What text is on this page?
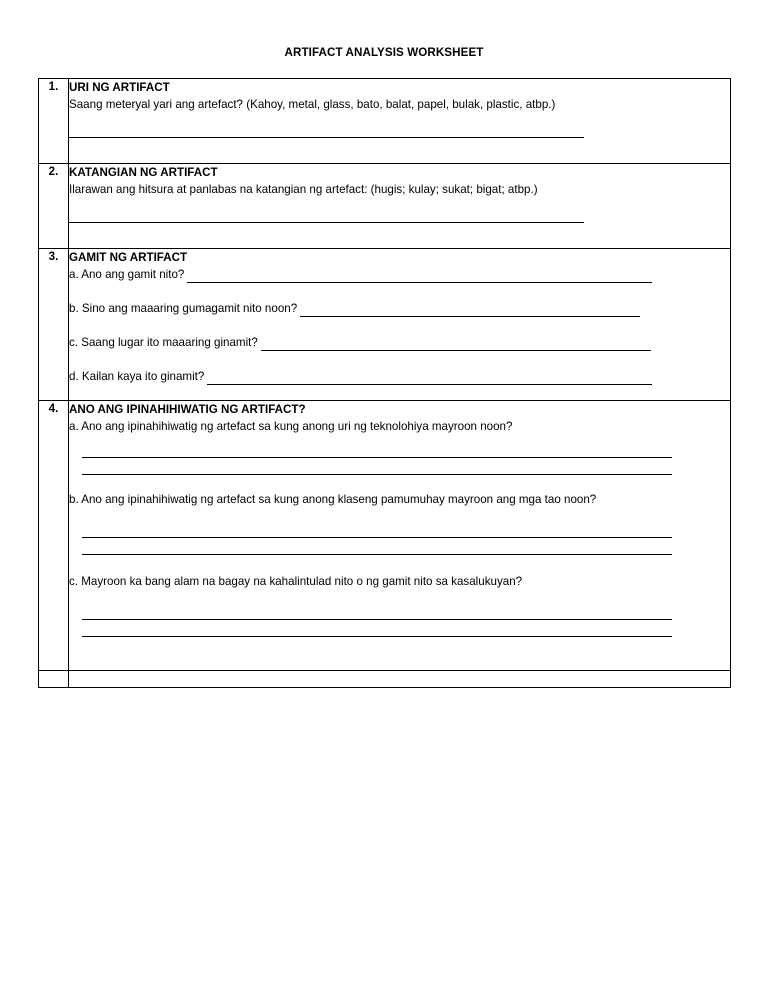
ARTIFACT ANALYSIS WORKSHEET
1.	URI NG ARTIFACT
Saang meteryal yari ang artefact? (Kahoy, metal, glass, bato, balat, papel, bulak, plastic, atbp.)

2.	KATANGIAN NG ARTIFACT
Ilarawan ang hitsura at panlabas na katangian ng artefact: (hugis; kulay; sukat; bigat; atbp.)

3.	GAMIT NG ARTIFACT
a. Ano ang gamit nito?
b. Sino ang maaaring gumagamit nito noon?
c. Saang lugar ito maaaring ginamit?
d. Kailan kaya ito ginamit?

4.	ANO ANG IPINAHIHIWATIG NG ARTIFACT?
a. Ano ang ipinahihiwatig ng artefact sa kung anong uri ng teknolohiya mayroon noon?
b. Ano ang ipinahihiwatig ng artefact sa kung anong klaseng pamumuhay mayroon ang mga tao noon?
c. Mayroon ka bang alam na bagay na kahalintulad nito o ng gamit nito sa kasalukuyan?
